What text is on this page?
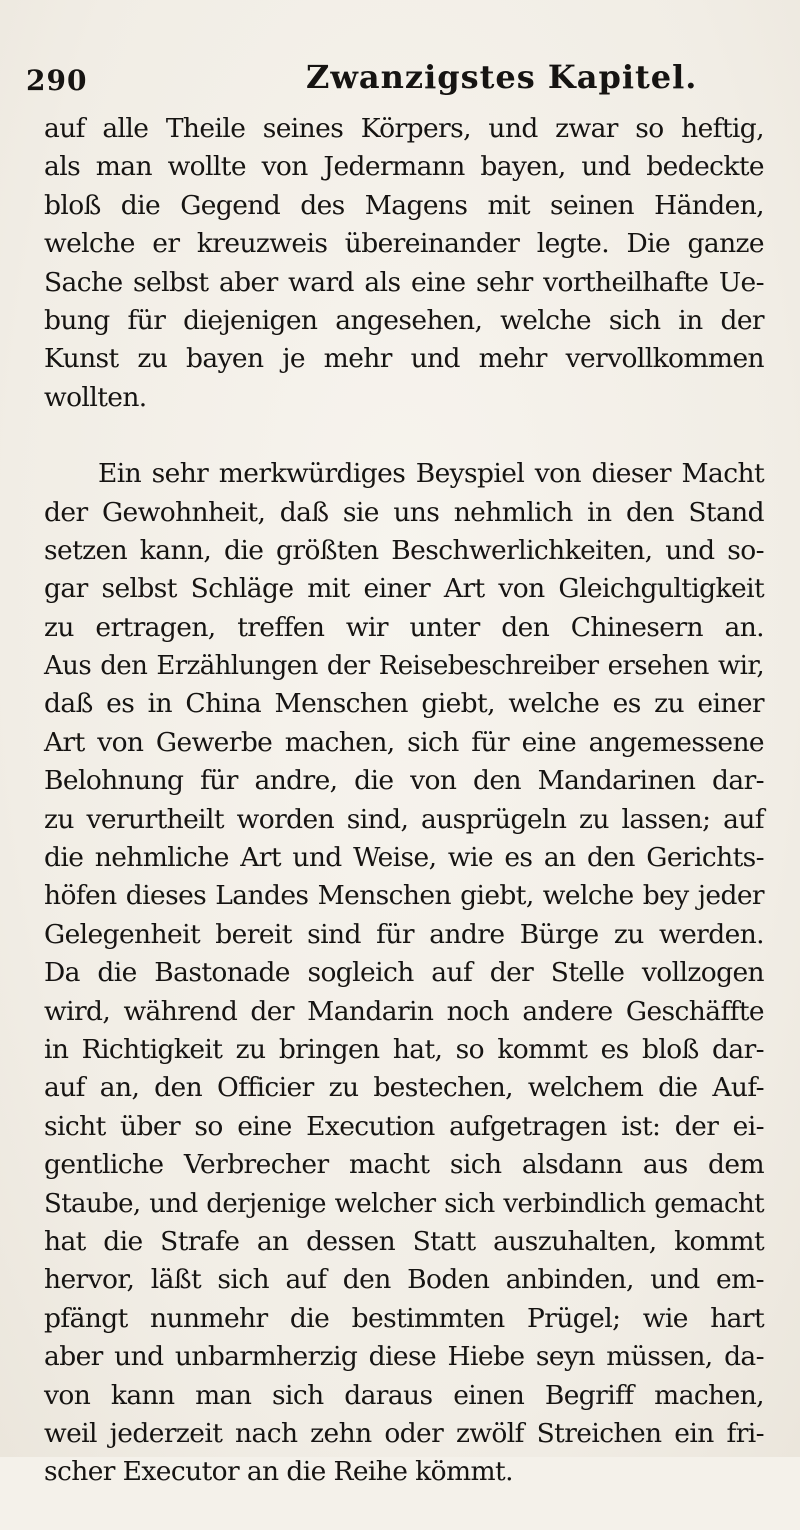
290	Zwanzigstes Kapitel.
auf alle Theile seines Körpers, und zwar so heftig,
als man wollte von Jedermann bayen, und bedeckte
bloß die Gegend des Magens mit seinen Händen,
welche er kreuzweis übereinander legte. Die ganze
Sache selbst aber ward als eine sehr vortheilhafte Ue-
bung für diejenigen angesehen, welche sich in der
Kunst zu bayen je mehr und mehr vervollkommen
wollten.
Ein sehr merkwürdiges Beyspiel von dieser Macht
der Gewohnheit, daß sie uns nehmlich in den Stand
setzen kann, die größten Beschwerlichkeiten, und so-
gar selbst Schläge mit einer Art von Gleichgultigkeit
zu ertragen, treffen wir unter den Chinesern an.
Aus den Erzählungen der Reisebeschreiber ersehen wir,
daß es in China Menschen giebt, welche es zu einer
Art von Gewerbe machen, sich für eine angemessene
Belohnung für andre, die von den Mandarinen dar-
zu verurtheilt worden sind, ausprügeln zu lassen; auf
die nehmliche Art und Weise, wie es an den Gerichts-
höfen dieses Landes Menschen giebt, welche bey jeder
Gelegenheit bereit sind für andre Bürge zu werden.
Da die Bastonade sogleich auf der Stelle vollzogen
wird, während der Mandarin noch andere Geschäffte
in Richtigkeit zu bringen hat, so kommt es bloß dar-
auf an, den Officier zu bestechen, welchem die Auf-
sicht über so eine Execution aufgetragen ist: der ei-
gentliche Verbrecher macht sich alsdann aus dem
Staube, und derjenige welcher sich verbindlich gemacht
hat die Strafe an dessen Statt auszuhalten, kommt
hervor, läßt sich auf den Boden anbinden, und em-
pfängt nunmehr die bestimmten Prügel; wie hart
aber und unbarmherzig diese Hiebe seyn müssen, da-
von kann man sich daraus einen Begriff machen,
weil jederzeit nach zehn oder zwölf Streichen ein fri-
scher Executor an die Reihe kömmt.
